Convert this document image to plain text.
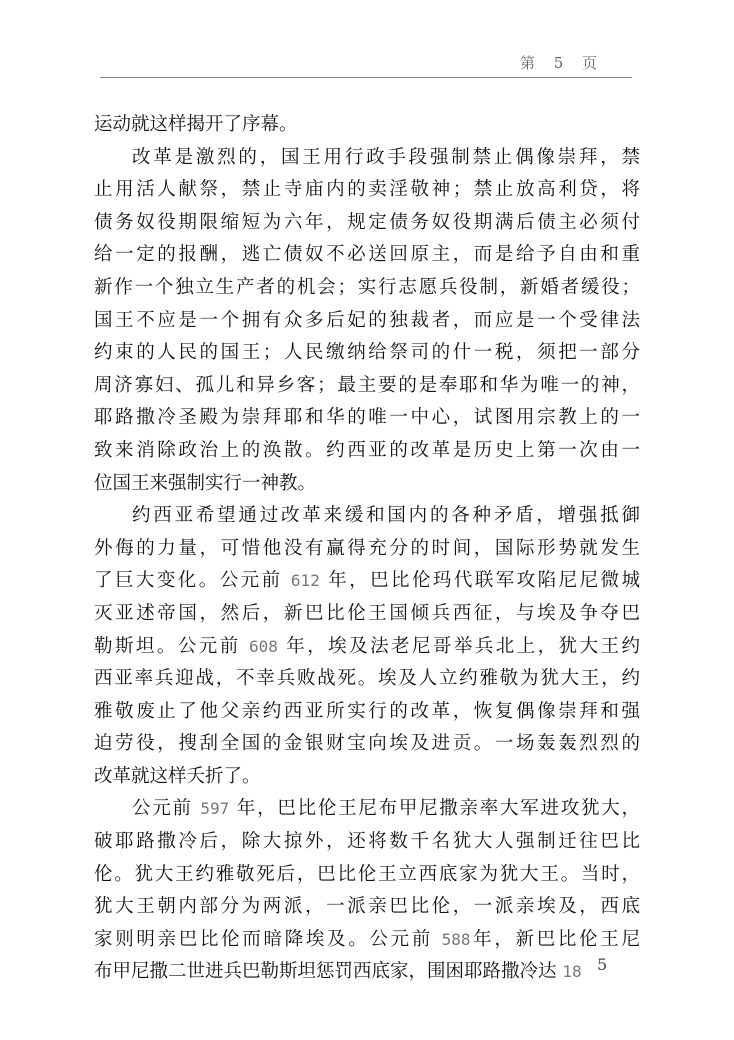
第 5 页

运动就这样揭开了序幕。

改革是激烈的，国王用行政手段强制禁止偶像崇拜，禁
止用活人献祭，禁止寺庙内的卖淫敬神；禁止放高利贷，将
债务奴役期限缩短为六年，规定债务奴役期满后债主必须付
给一定的报酬，逃亡债奴不必送回原主，而是给予自由和重
新作一个独立生产者的机会；实行志愿兵役制，新婚者缓役；
国王不应是一个拥有众多后妃的独裁者，而应是一个受律法
约束的人民的国王；人民缴纳给祭司的什一税，须把一部分
周济寡妇、孤儿和异乡客；最主要的是奉耶和华为唯一的神，
耶路撒冷圣殿为崇拜耶和华的唯一中心，试图用宗教上的一
致来消除政治上的涣散。约西亚的改革是历史上第一次由一
位国王来强制实行一神教。

约西亚希望通过改革来缓和国内的各种矛盾，增强抵御
外侮的力量，可惜他没有赢得充分的时间，国际形势就发生
了巨大变化。公元前 612 年，巴比伦玛代联军攻陷尼尼微城
灭亚述帝国，然后，新巴比伦王国倾兵西征，与埃及争夺巴
勒斯坦。公元前 608 年，埃及法老尼哥举兵北上，犹大王约
西亚率兵迎战，不幸兵败战死。埃及人立约雅敬为犹大王，约
雅敬废止了他父亲约西亚所实行的改革，恢复偶像崇拜和强
迫劳役，搜刮全国的金银财宝向埃及进贡。一场轰轰烈烈的
改革就这样夭折了。

公元前 597 年，巴比伦王尼布甲尼撒亲率大军进攻犹大，
破耶路撒冷后，除大掠外，还将数千名犹大人强制迁往巴比
伦。犹大王约雅敬死后，巴比伦王立西底家为犹大王。当时，
犹大王朝内部分为两派，一派亲巴比伦，一派亲埃及，西底
家则明亲巴比伦而暗降埃及。公元前 588年，新巴比伦王尼
布甲尼撒二世进兵巴勒斯坦惩罚西底家，围困耶路撒冷达 18 5
